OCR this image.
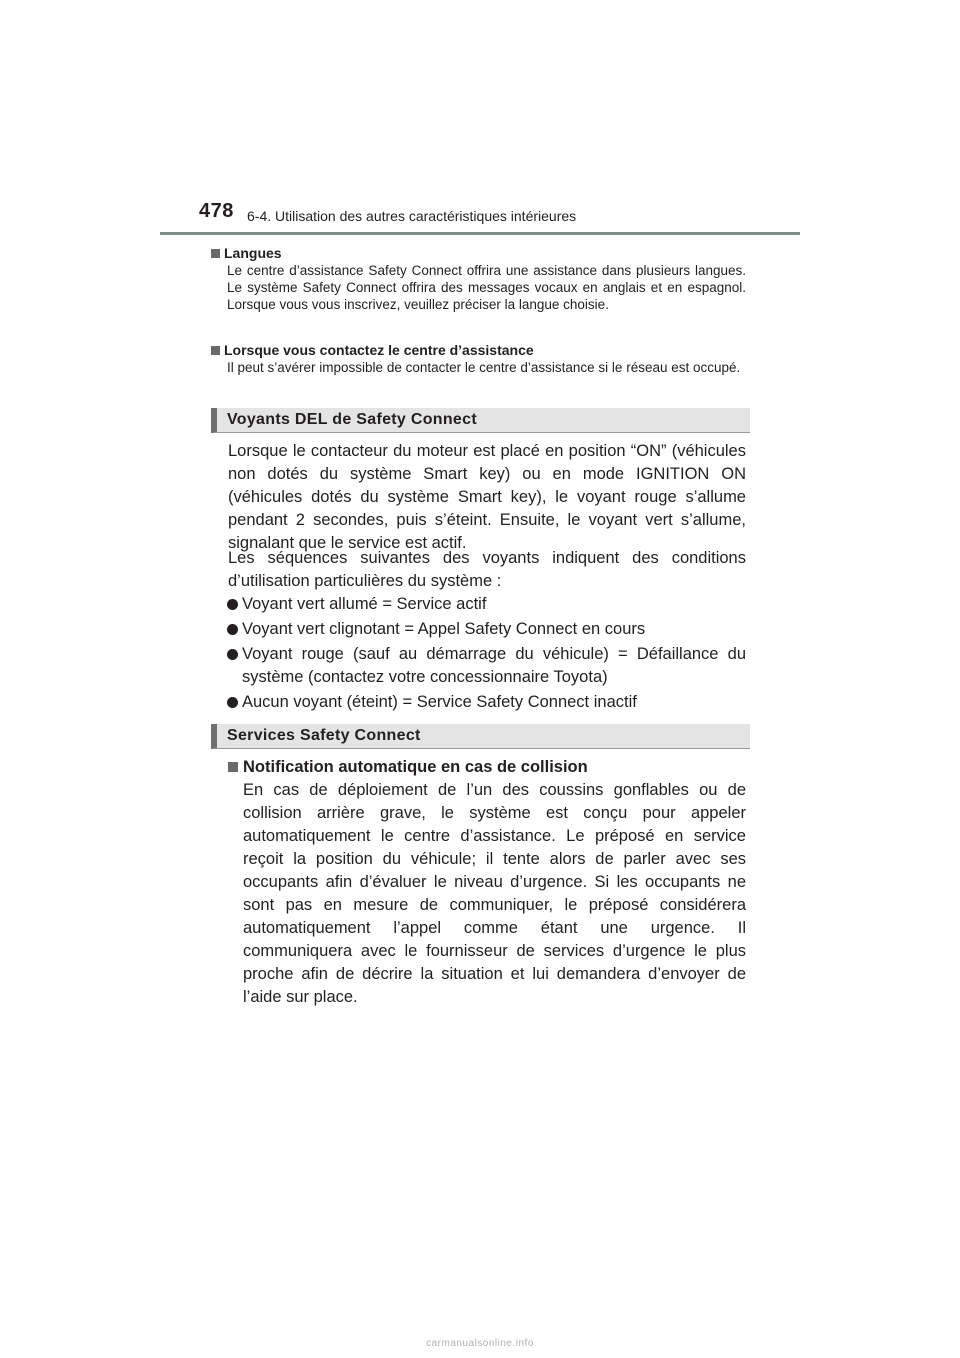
478 6-4. Utilisation des autres caractéristiques intérieures
Langues
Le centre d’assistance Safety Connect offrira une assistance dans plusieurs langues. Le système Safety Connect offrira des messages vocaux en anglais et en espagnol. Lorsque vous vous inscrivez, veuillez préciser la langue choisie.
Lorsque vous contactez le centre d’assistance
Il peut s’avérer impossible de contacter le centre d’assistance si le réseau est occupé.
Voyants DEL de Safety Connect
Lorsque le contacteur du moteur est placé en position “ON” (véhicules non dotés du système Smart key) ou en mode IGNITION ON (véhicules dotés du système Smart key), le voyant rouge s’allume pendant 2 secondes, puis s’éteint. Ensuite, le voyant vert s’allume, signalant que le service est actif.
Les séquences suivantes des voyants indiquent des conditions d’utilisation particulières du système :
Voyant vert allumé = Service actif
Voyant vert clignotant = Appel Safety Connect en cours
Voyant rouge (sauf au démarrage du véhicule) = Défaillance du système (contactez votre concessionnaire Toyota)
Aucun voyant (éteint) = Service Safety Connect inactif
Services Safety Connect
Notification automatique en cas de collision
En cas de déploiement de l’un des coussins gonflables ou de collision arrière grave, le système est conçu pour appeler automatiquement le centre d’assistance. Le préposé en service reçoit la position du véhicule; il tente alors de parler avec ses occupants afin d’évaluer le niveau d’urgence. Si les occupants ne sont pas en mesure de communiquer, le préposé considérera automatiquement l’appel comme étant une urgence. Il communiquera avec le fournisseur de services d’urgence le plus proche afin de décrire la situation et lui demandera d’envoyer de l’aide sur place.
carmanualsonline.info
